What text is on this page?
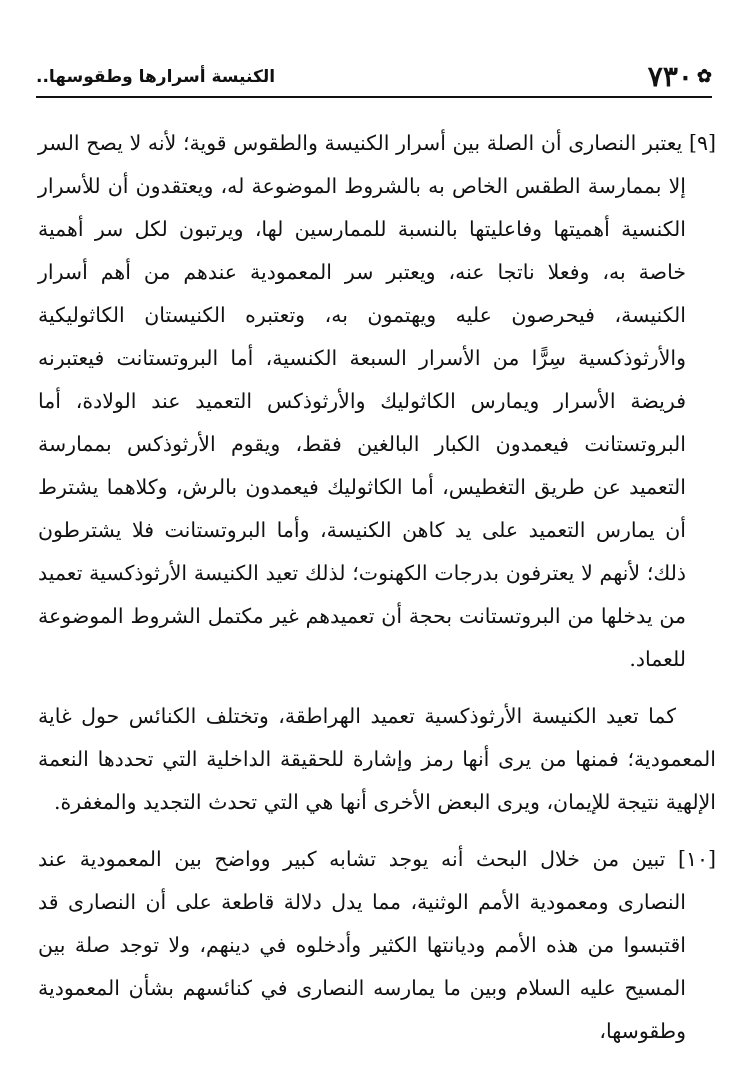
✿٧٣٠
الكنيسة أسرارها وطقوسها..

[٩] يعتبر النصارى أن الصلة بين أسرار الكنيسة والطقوس قوية؛ لأنه لا يصح السر إلا بممارسة الطقس الخاص به بالشروط الموضوعة له، ويعتقدون أن للأسرار الكنسية أهميتها وفاعليتها بالنسبة للممارسين لها، ويرتبون لكل سر أهمية خاصة به، وفعلا ناتجا عنه، ويعتبر سر المعمودية عندهم من أهم أسرار الكنيسة، فيحرصون عليه ويهتمون به، وتعتبره الكنيستان الكاثوليكية والأرثوذكسية سِرًّا من الأسرار السبعة الكنسية، أما البروتستانت فيعتبرنه فريضة الأسرار ويمارس الكاثوليك والأرثوذكس التعميد عند الولادة، أما البروتستانت فيعمدون الكبار البالغين فقط، ويقوم الأرثوذكس بممارسة التعميد عن طريق التغطيس، أما الكاثوليك فيعمدون بالرش، وكلاهما يشترط أن يمارس التعميد على يد كاهن الكنيسة، وأما البروتستانت فلا يشترطون ذلك؛ لأنهم لا يعترفون بدرجات الكهنوت؛ لذلك تعيد الكنيسة الأرثوذكسية تعميد من يدخلها من البروتستانت بحجة أن تعميدهم غير مكتمل الشروط الموضوعة للعماد.

كما تعيد الكنيسة الأرثوذكسية تعميد الهراطقة، وتختلف الكنائس حول غاية المعمودية؛ فمنها من يرى أنها رمز وإشارة للحقيقة الداخلية التي تحددها النعمة الإلهية نتيجة للإيمان، ويرى البعض الأخرى أنها هي التي تحدث التجديد والمغفرة.

[١٠] تبين من خلال البحث أنه يوجد تشابه كبير وواضح بين المعمودية عند النصارى ومعمودية الأمم الوثنية، مما يدل دلالة قاطعة على أن النصارى قد اقتبسوا من هذه الأمم وديانتها الكثير وأدخلوه في دينهم، ولا توجد صلة بين المسيح عليه السلام وبين ما يمارسه النصارى في كنائسهم بشأن المعمودية وطقوسها،
